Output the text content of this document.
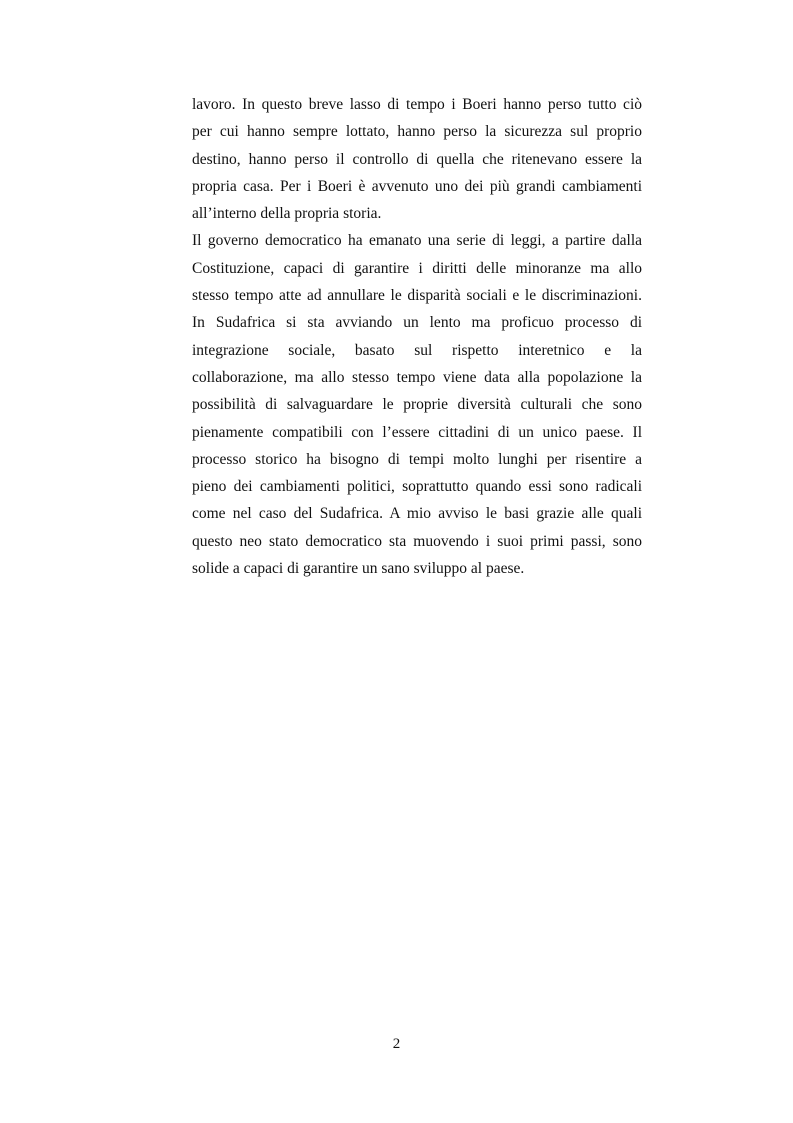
lavoro. In questo breve lasso di tempo i Boeri hanno perso tutto ciò
per cui hanno sempre lottato, hanno perso la sicurezza sul proprio
destino, hanno perso il controllo di quella che ritenevano essere la
propria casa. Per i Boeri è avvenuto uno dei più grandi cambiamenti
all’interno della propria storia.
Il governo democratico ha emanato una serie di leggi, a partire dalla
Costituzione, capaci di garantire i diritti delle minoranze ma allo
stesso tempo atte ad annullare le disparità sociali e le discriminazioni.
In Sudafrica si sta avviando un lento ma proficuo processo di
integrazione sociale, basato sul rispetto interetnico e la
collaborazione, ma allo stesso tempo viene data alla popolazione la
possibilità di salvaguardare le proprie diversità culturali che sono
pienamente compatibili con l’essere cittadini di un unico paese. Il
processo storico ha bisogno di tempi molto lunghi per risentire a
pieno dei cambiamenti politici, soprattutto quando essi sono radicali
come nel caso del Sudafrica. A mio avviso le basi grazie alle quali
questo neo stato democratico sta muovendo i suoi primi passi, sono
solide a capaci di garantire un sano sviluppo al paese.
2
